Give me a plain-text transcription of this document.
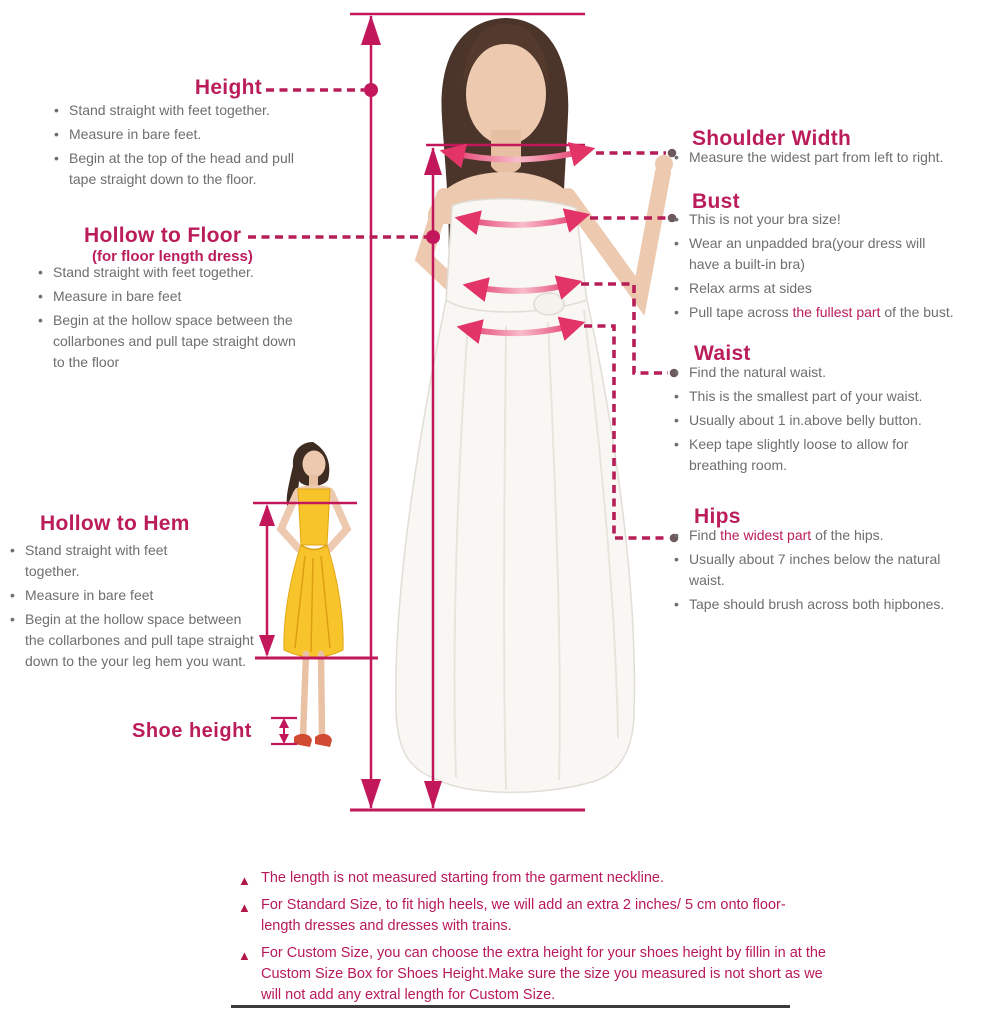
Height
• Stand straight with feet together.
• Measure in bare feet.
• Begin at the top of the head and pull tape straight down to the floor.
Hollow to Floor
(for floor length dress)
• Stand straight with feet together.
• Measure in bare feet
• Begin at the hollow space between the collarbones and pull tape straight down to the floor
Shoulder Width
• Measure the widest part from left to right.
Bust
• This is not your bra size!
• Wear an unpadded bra(your dress will have a built-in bra)
• Relax arms at sides
• Pull tape across the fullest part of the bust.
Waist
• Find the natural waist.
• This is the smallest part of your waist.
• Usually about 1 in.above belly button.
• Keep tape slightly loose to allow for breathing room.
Hips
• Find the widest part of the hips.
• Usually about 7 inches below the natural waist.
• Tape should brush across both hipbones.
Hollow to Hem
• Stand straight with feet together.
• Measure in bare feet
• Begin at the hollow space between the collarbones and pull tape straight down to the your leg hem you want.
Shoe height
▲ The length is not measured starting from the garment neckline.
▲ For Standard Size, to fit high heels, we will add an extra 2 inches/ 5 cm onto floor-length dresses and dresses with trains.
▲ For Custom Size, you can choose the extra height for your shoes height by fillin in at the Custom Size Box for Shoes Height.Make sure the size you measured is not short as we will not add any extral length for Custom Size.
